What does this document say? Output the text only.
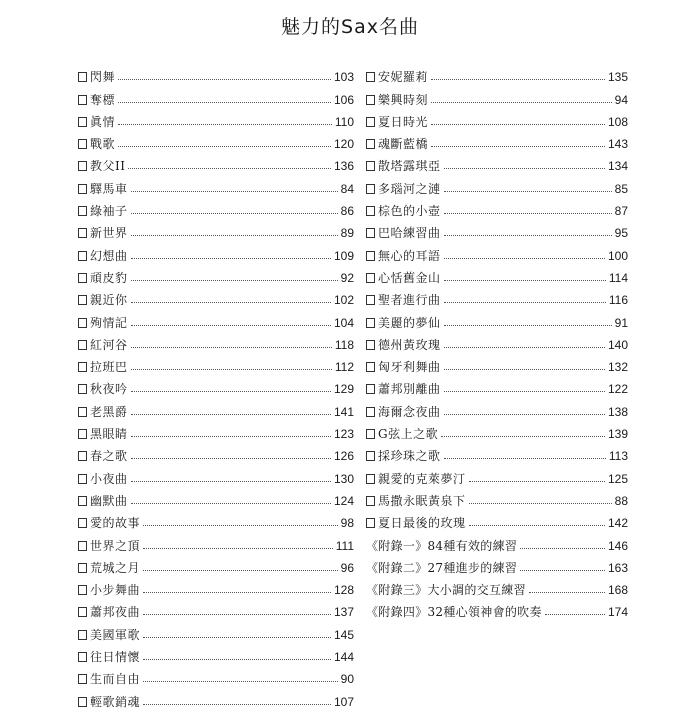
魅力的Sax名曲
閃舞	103
奪標	106
眞情	110
戰歌	120
教父II	136
驛馬車	84
綠袖子	86
新世界	89
幻想曲	109
頑皮豹	92
親近你	102
殉情記	104
紅河谷	118
拉班巴	112
秋夜吟	129
老黑爵	141
黑眼睛	123
春之歌	126
小夜曲	130
幽默曲	124
愛的故事	98
世界之頂	111
荒城之月	96
小步舞曲	128
蕭邦夜曲	137
美國軍歌	145
往日情懷	144
生而自由	90
輕歌銷魂	107
安妮羅莉	135
樂興時刻	94
夏日時光	108
魂斷藍橋	143
散塔露琪亞	134
多瑙河之漣	85
棕色的小壺	87
巴哈練習曲	95
無心的耳語	100
心恬舊金山	114
聖者進行曲	116
美麗的夢仙	91
德州黃玫瑰	140
匈牙利舞曲	132
蕭邦別離曲	122
海爾念夜曲	138
G弦上之歌	139
採珍珠之歌	113
親愛的克萊夢汀	125
馬撒永眠黃泉下	88
夏日最後的玫瑰	142
《附錄一》84種有效的練習	146
《附錄二》27種進步的練習	163
《附錄三》大小調的交互練習	168
《附錄四》32種心領神會的吹奏	174
